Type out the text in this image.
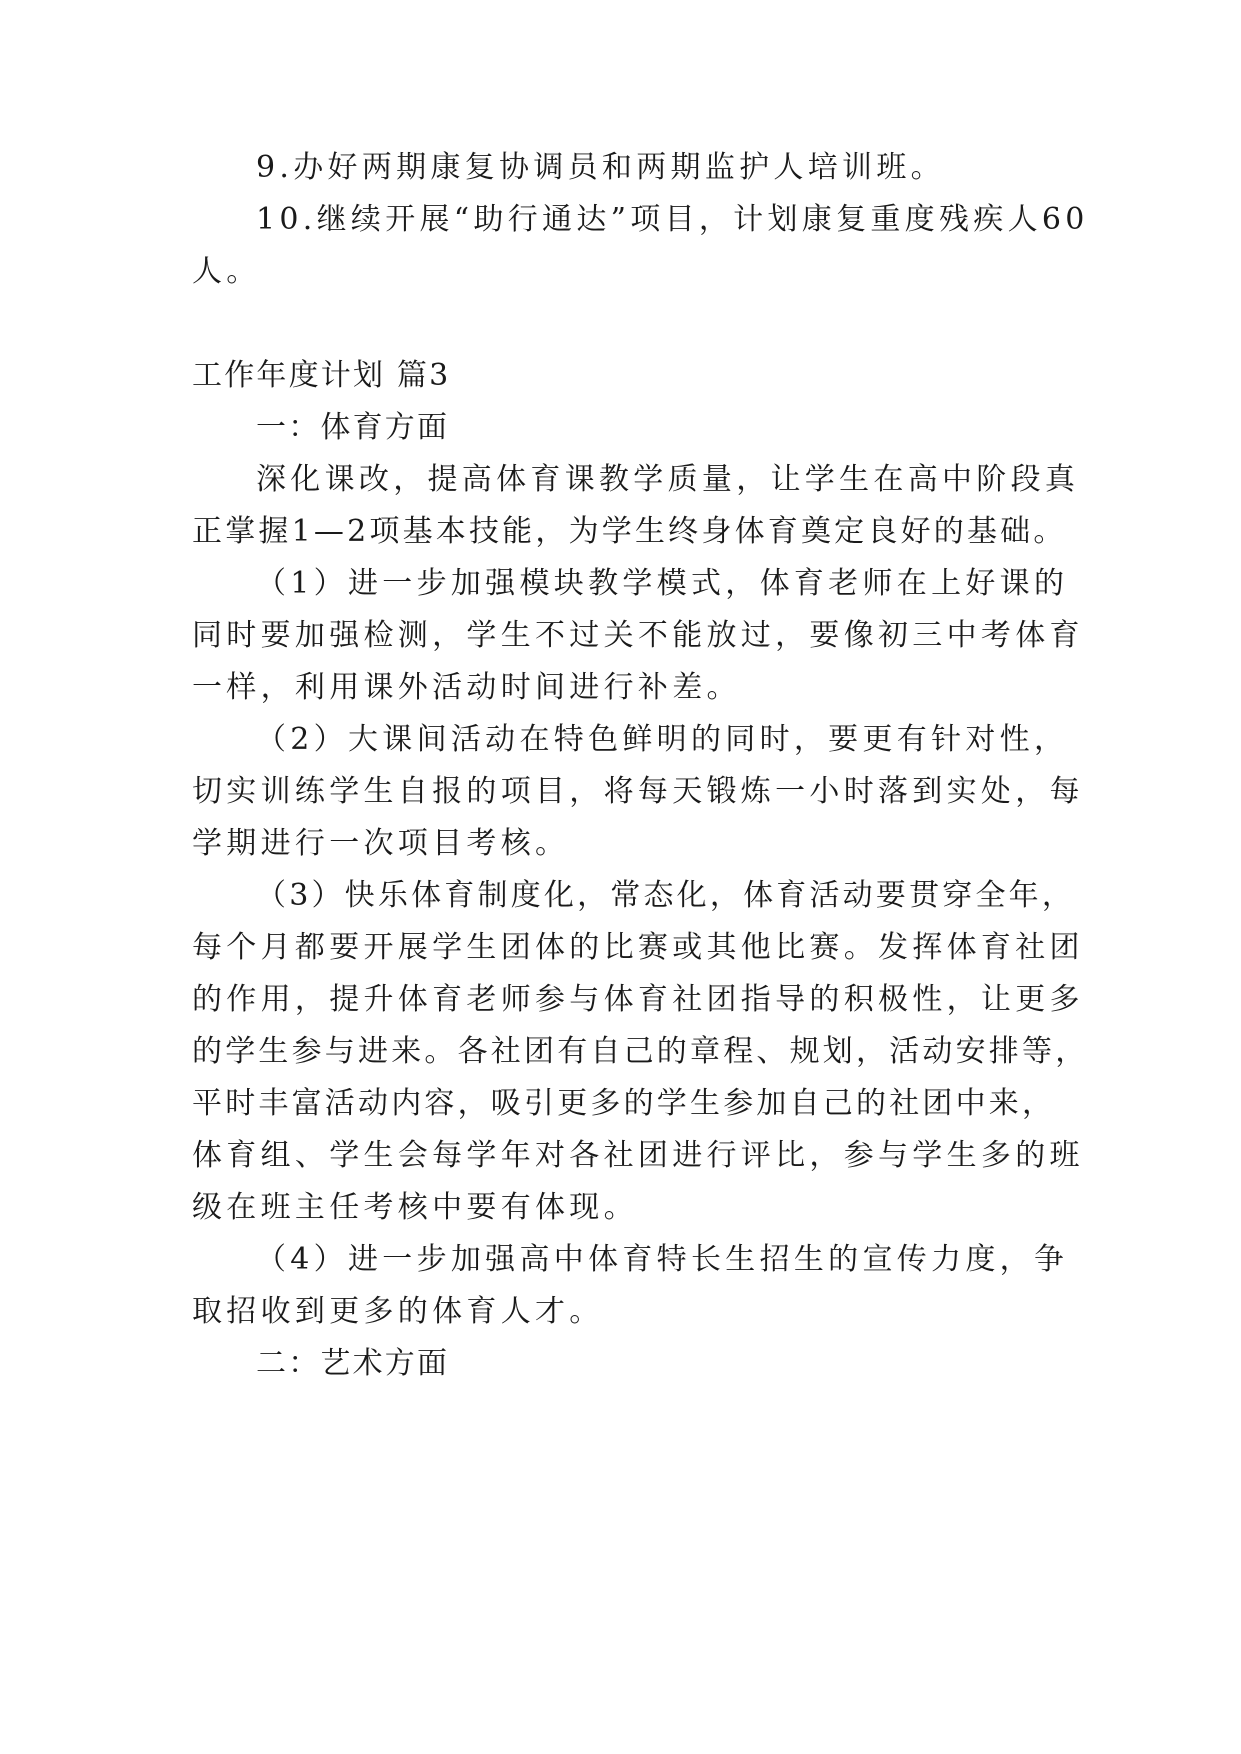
9.办好两期康复协调员和两期监护人培训班。
10.继续开展“助行通达”项目，计划康复重度残疾人60
人。
工作年度计划 篇3
一：体育方面
深化课改，提高体育课教学质量，让学生在高中阶段真
正掌握1—2项基本技能，为学生终身体育奠定良好的基础。
（1）进一步加强模块教学模式，体育老师在上好课的
同时要加强检测，学生不过关不能放过，要像初三中考体育
一样，利用课外活动时间进行补差。
（2）大课间活动在特色鲜明的同时，要更有针对性，
切实训练学生自报的项目，将每天锻炼一小时落到实处，每
学期进行一次项目考核。
（3）快乐体育制度化，常态化，体育活动要贯穿全年，
每个月都要开展学生团体的比赛或其他比赛。发挥体育社团
的作用，提升体育老师参与体育社团指导的积极性，让更多
的学生参与进来。各社团有自己的章程、规划，活动安排等，
平时丰富活动内容，吸引更多的学生参加自己的社团中来，
体育组、学生会每学年对各社团进行评比，参与学生多的班
级在班主任考核中要有体现。
（4）进一步加强高中体育特长生招生的宣传力度，争
取招收到更多的体育人才。
二：艺术方面
